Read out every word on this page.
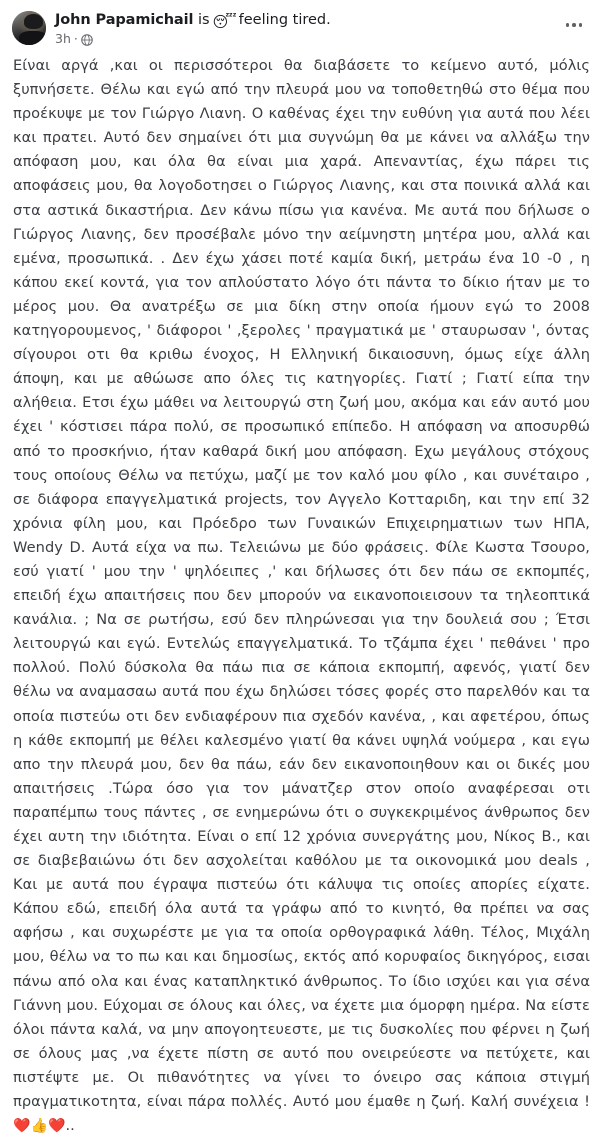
John Papamichail is 😴 feeling tired.
3h ·
Είναι αργά ,και οι περισσότεροι θα διαβάσετε το κείμενο αυτό, μόλις ξυπνήσετε. Θέλω και εγώ από την πλευρά μου να τοποθετηθώ στο θέμα που προέκυψε με τον Γιώργο Λιανη. Ο καθένας έχει την ευθύνη για αυτά που λέει και πρατει. Αυτό δεν σημαίνει ότι μια συγνώμη θα με κάνει να αλλάξω την απόφαση μου, και όλα θα είναι μια χαρά. Απεναντίας, έχω πάρει τις αποφάσεις μου, θα λογοδοτησει ο Γιώργος Λιανης, και στα ποινικά αλλά και στα αστικά δικαστήρια. Δεν κάνω πίσω για κανένα. Με αυτά που δήλωσε ο Γιώργος Λιανης, δεν προσέβαλε μόνο την αείμνηστη μητέρα μου, αλλά και εμένα, προσωπικά. . Δεν έχω χάσει ποτέ καμία δική, μετράω ένα 10 -0 , η κάπου εκεί κοντά, για τον απλούστατο λόγο ότι πάντα το δίκιο ήταν με το μέρος μου. Θα ανατρέξω σε μια δίκη στην οποία ήμουν εγώ το 2008 κατηγορουμενος, ' διάφοροι ' ,ξερολες ' πραγματικά με ' σταυρωσαν ', όντας σίγουροι οτι θα κριθω ένοχος, Η Ελληνική δικαιοσυνη, όμως είχε άλλη άποψη, και με αθώωσε απο όλες τις κατηγορίες. Γιατί ; Γιατί είπα την αλήθεια. Ετσι έχω μάθει να λειτουργώ στη ζωή μου, ακόμα και εάν αυτό μου έχει ' κόστισει πάρα πολύ, σε προσωπικό επίπεδο. Η απόφαση να αποσυρθώ από το προσκήνιο, ήταν καθαρά δική μου απόφαση. Εχω μεγάλους στόχους τους οποίους Θέλω να πετύχω, μαζί με τον καλό μου φίλο , και συνέταιρο , σε διάφορα επαγγελματικά projects, τον Αγγελο Κοτταριδη, και την επί 32 χρόνια φίλη μου, και Πρόεδρο των Γυναικών Επιχειρηματιων των ΗΠΑ, Wendy D. Αυτά είχα να πω. Τελειώνω με δύο φράσεις. Φίλε Κωστα Τσουρο, εσύ γιατί ' μου την ' ψηλόειπες ,' και δήλωσες ότι δεν πάω σε εκπομπές, επειδή έχω απαιτήσεις που δεν μπορούν να εικανοποιεισουν τα τηλεοπτικά κανάλια. ; Να σε ρωτήσω, εσύ δεν πληρώνεσαι για την δουλειά σου ; Έτσι λειτουργώ και εγώ. Εντελώς επαγγελματικά. Το τζάμπα έχει ' πεθάνει ' προ πολλού. Πολύ δύσκολα θα πάω πια σε κάποια εκπομπή, αφενός, γιατί δεν θέλω να αναμασαω αυτά που έχω δηλώσει τόσες φορές στο παρελθόν και τα οποία πιστεύω οτι δεν ενδιαφέρουν πια σχεδόν κανένα, , και αφετέρου, όπως η κάθε εκπομπή με θέλει καλεσμένο γιατί θα κάνει υψηλά νούμερα , και εγω απο την πλευρά μου, δεν θα πάω, εάν δεν εικανοποιηθουν και οι δικές μου απαιτήσεις .Τώρα όσο για τον μάνατζερ στον οποίο αναφέρεσαι οτι παραπέμπω τους πάντες , σε ενημερώνω ότι ο συγκεκριμένος άνθρωπος δεν έχει αυτη την ιδιότητα. Είναι ο επί 12 χρόνια συνεργάτης μου, Νίκος Β., και σε διαβεβαιώνω ότι δεν ασχολείται καθόλου με τα οικονομικά μου deals , Και με αυτά που έγραψα πιστεύω ότι κάλυψα τις οποίες απορίες είχατε. Κάπου εδώ, επειδή όλα αυτά τα γράφω από το κινητό, θα πρέπει να σας αφήσω , και συχωρέστε με για τα οποία ορθογραφικά λάθη. Τέλος, Μιχάλη μου, θέλω να το πω και και δημοσίως, εκτός από κορυφαίος δικηγόρος, εισαι πάνω από ολα και ένας καταπληκτικό άνθρωπος. Το ίδιο ισχύει και για σένα Γιάννη μου. Εύχομαι σε όλους και όλες, να έχετε μια όμορφη ημέρα. Να είστε όλοι πάντα καλά, να μην απογοητευεστε, με τις δυσκολίες που φέρνει η ζωή σε όλους μας ,να έχετε πίστη σε αυτό που ονειρεύεστε να πετύχετε, και πιστέψτε με. Οι πιθανότητες να γίνει το όνειρο σας κάποια στιγμή πραγματικοτητα, είναι πάρα πολλές. Αυτό μου έμαθε η ζωή. Καλή συνέχεια ! ❤️👍❤️..
